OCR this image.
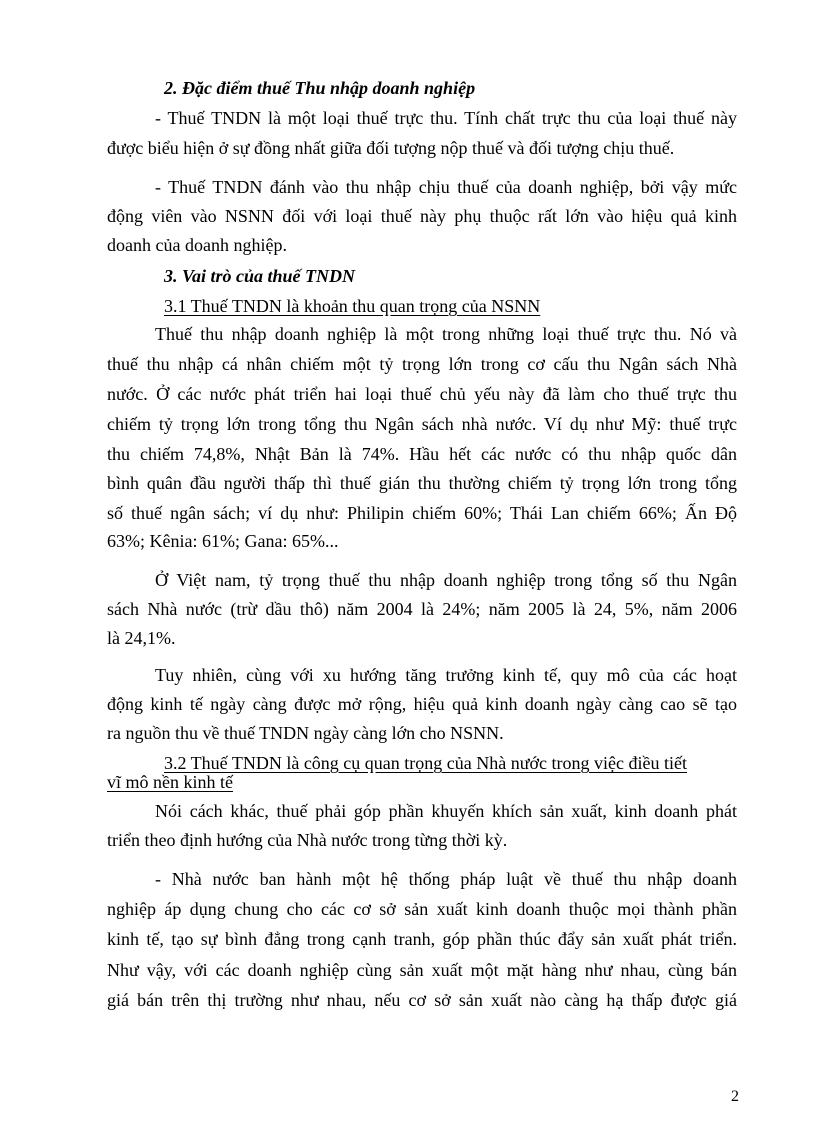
2. Đặc điểm thuế Thu nhập doanh nghiệp
- Thuế TNDN là một loại thuế trực thu. Tính chất trực thu của loại thuế này
được biểu hiện ở sự đồng nhất giữa đối tượng nộp thuế và đối tượng chịu thuế.
- Thuế TNDN đánh vào thu nhập chịu thuế của doanh nghiệp, bởi vậy mức
động viên vào NSNN đối với loại thuế này phụ thuộc rất lớn vào hiệu quả kinh
doanh của doanh nghiệp.
3. Vai trò của thuế TNDN
3.1 Thuế TNDN là khoản thu quan trọng của NSNN
Thuế thu nhập doanh nghiệp là một trong những loại thuế trực thu. Nó và
thuế thu nhập cá nhân chiếm một tỷ trọng lớn trong cơ cấu thu Ngân sách Nhà
nước. Ở các nước phát triển hai loại thuế chủ yếu này đã làm cho thuế trực thu
chiếm tỷ trọng lớn trong tổng thu Ngân sách nhà nước. Ví dụ như Mỹ: thuế trực
thu chiếm 74,8%, Nhật Bản là 74%. Hầu hết các nước có thu nhập quốc dân
bình quân đầu người thấp thì thuế gián thu thường chiếm tỷ trọng lớn trong tổng
số thuế ngân sách; ví dụ như: Philipin chiếm 60%; Thái Lan chiếm 66%; Ấn Độ
63%; Kênia: 61%; Gana: 65%...
Ở Việt nam, tỷ trọng thuế thu nhập doanh nghiệp trong tổng số thu Ngân
sách Nhà nước (trừ dầu thô) năm 2004 là 24%; năm 2005 là 24, 5%, năm 2006
là 24,1%.
Tuy nhiên, cùng với xu hướng tăng trưởng kinh tế, quy mô của các hoạt
động kinh tế ngày càng được mở rộng, hiệu quả kinh doanh ngày càng cao sẽ tạo
ra nguồn thu về thuế TNDN ngày càng lớn cho NSNN.
3.2 Thuế TNDN là công cụ quan trọng của Nhà nước trong việc điều tiết
vĩ mô nền kinh tế
Nói cách khác, thuế phải góp phần khuyến khích sản xuất, kinh doanh phát
triển theo định hướng của Nhà nước trong từng thời kỳ.
- Nhà nước ban hành một hệ thống pháp luật về thuế thu nhập doanh
nghiệp áp dụng chung cho các cơ sở sản xuất kinh doanh thuộc mọi thành phần
kinh tế, tạo sự bình đẳng trong cạnh tranh, góp phần thúc đẩy sản xuất phát triển.
Như vậy, với các doanh nghiệp cùng sản xuất một mặt hàng như nhau, cùng bán
giá bán trên thị trường như nhau, nếu cơ sở sản xuất nào càng hạ thấp được giá
2
